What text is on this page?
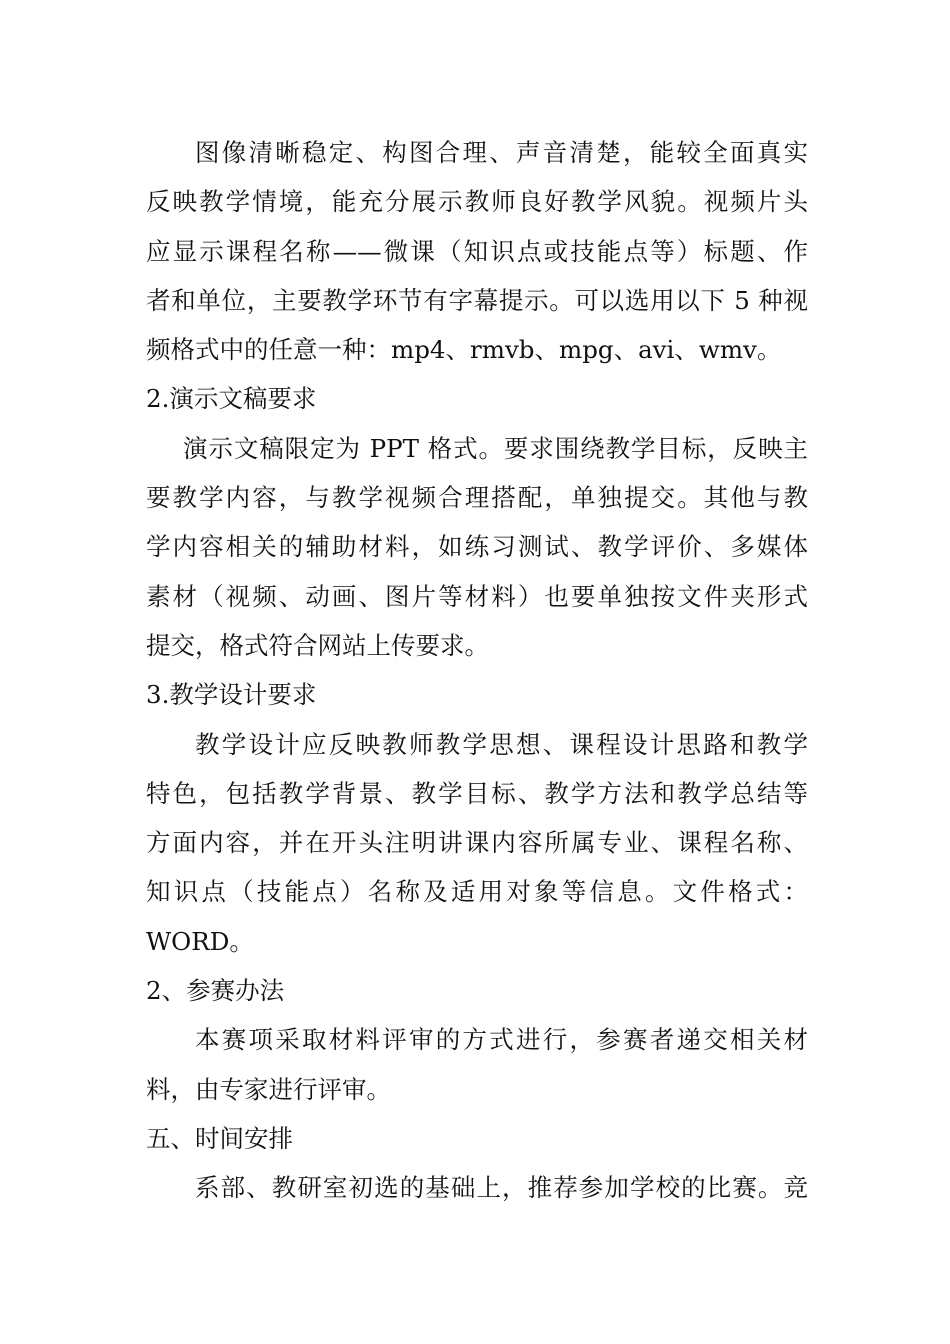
图像清晰稳定、构图合理、声音清楚，能较全面真实
反映教学情境，能充分展示教师良好教学风貌。视频片头
应显示课程名称——微课（知识点或技能点等）标题、作
者和单位，主要教学环节有字幕提示。可以选用以下 5 种视
频格式中的任意一种：mp4、rmvb、mpg、avi、wmv。
2.演示文稿要求
演示文稿限定为 PPT 格式。要求围绕教学目标，反映主
要教学内容，与教学视频合理搭配，单独提交。其他与教
学内容相关的辅助材料，如练习测试、教学评价、多媒体
素材（视频、动画、图片等材料）也要单独按文件夹形式
提交，格式符合网站上传要求。
3.教学设计要求
教学设计应反映教师教学思想、课程设计思路和教学
特色，包括教学背景、教学目标、教学方法和教学总结等
方面内容，并在开头注明讲课内容所属专业、课程名称、
知识点（技能点）名称及适用对象等信息。文件格式：
WORD。
2、参赛办法
本赛项采取材料评审的方式进行，参赛者递交相关材
料，由专家进行评审。
五、时间安排
系部、教研室初选的基础上，推荐参加学校的比赛。竞
